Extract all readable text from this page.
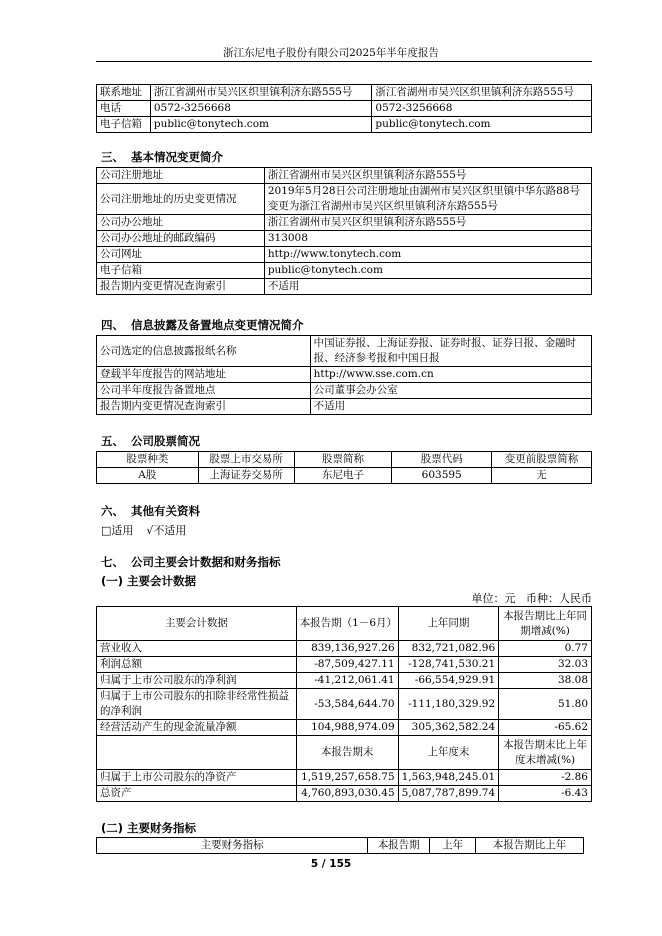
浙江东尼电子股份有限公司2025年半年度报告
联系地址	浙江省湖州市吴兴区织里镇利济东路555号	浙江省湖州市吴兴区织里镇利济东路555号
电话	0572-3256668	0572-3256668
电子信箱	public@tonytech.com	public@tonytech.com
三、 基本情况变更简介
公司注册地址	浙江省湖州市吴兴区织里镇利济东路555号
公司注册地址的历史变更情况	2019年5月28日公司注册地址由湖州市吴兴区织里镇中华东路88号变更为浙江省湖州市吴兴区织里镇利济东路555号
公司办公地址	浙江省湖州市吴兴区织里镇利济东路555号
公司办公地址的邮政编码	313008
公司网址	http://www.tonytech.com
电子信箱	public@tonytech.com
报告期内变更情况查询索引	不适用
四、 信息披露及备置地点变更情况简介
公司选定的信息披露报纸名称	中国证券报、上海证券报、证券时报、证券日报、金融时报、经济参考报和中国日报
登载半年度报告的网站地址	http://www.sse.com.cn
公司半年度报告备置地点	公司董事会办公室
报告期内变更情况查询索引	不适用
五、 公司股票简况
股票种类	股票上市交易所	股票简称	股票代码	变更前股票简称
A股	上海证券交易所	东尼电子	603595	无
六、 其他有关资料
□适用 √不适用
七、 公司主要会计数据和财务指标
(一) 主要会计数据
单位：元   币种：人民币
主要会计数据	本报告期（1－6月）	上年同期	本报告期比上年同期增减(%)
营业收入	839,136,927.26	832,721,082.96	0.77
利润总额	-87,509,427.11	-128,741,530.21	32.03
归属于上市公司股东的净利润	-41,212,061.41	-66,554,929.91	38.08
归属于上市公司股东的扣除非经常性损益的净利润	-53,584,644.70	-111,180,329.92	51.80
经营活动产生的现金流量净额	104,988,974.09	305,362,582.24	-65.62
	本报告期末	上年度末	本报告期末比上年度末增减(%)
归属于上市公司股东的净资产	1,519,257,658.75	1,563,948,245.01	-2.86
总资产	4,760,893,030.45	5,087,787,899.74	-6.43
(二) 主要财务指标
主要财务指标	本报告期	上年	本报告期比上年
5 / 155
